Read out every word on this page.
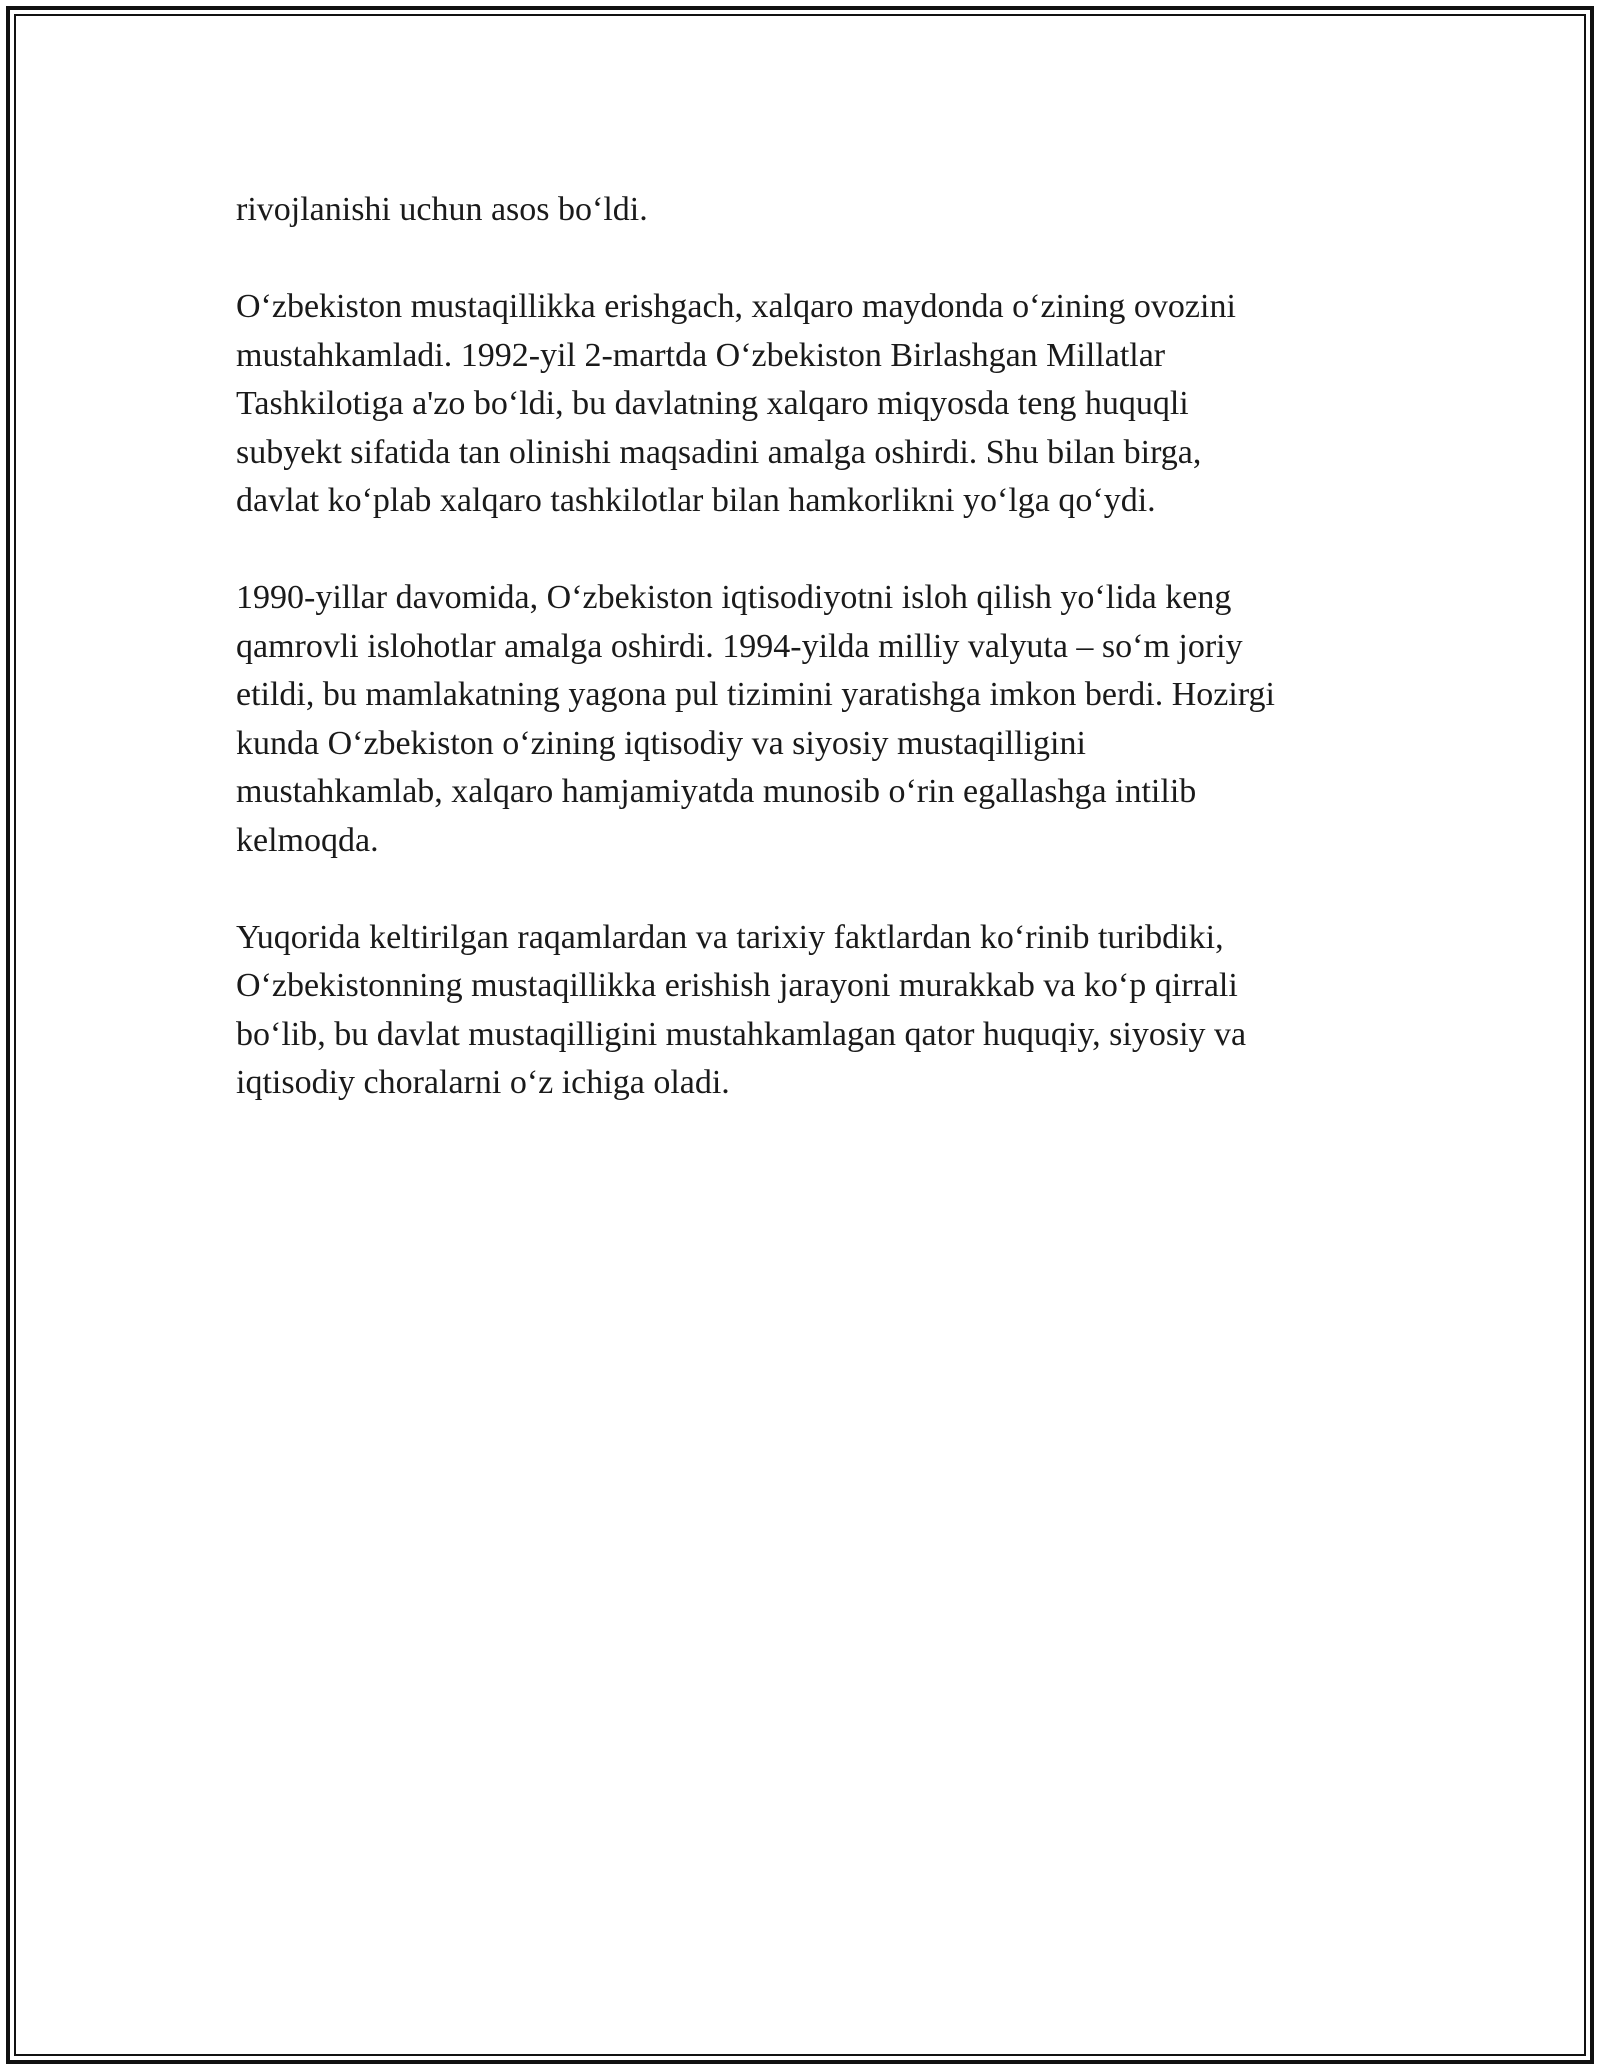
rivojlanishi uchun asos bo‘ldi.

O‘zbekiston mustaqillikka erishgach, xalqaro maydonda o‘zining ovozini
mustahkamladi. 1992-yil 2-martda O‘zbekiston Birlashgan Millatlar
Tashkilotiga a'zo bo‘ldi, bu davlatning xalqaro miqyosda teng huquqli
subyekt sifatida tan olinishi maqsadini amalga oshirdi. Shu bilan birga,
davlat ko‘plab xalqaro tashkilotlar bilan hamkorlikni yo‘lga qo‘ydi.

1990-yillar davomida, O‘zbekiston iqtisodiyotni isloh qilish yo‘lida keng
qamrovli islohotlar amalga oshirdi. 1994-yilda milliy valyuta – so‘m joriy
etildi, bu mamlakatning yagona pul tizimini yaratishga imkon berdi. Hozirgi
kunda O‘zbekiston o‘zining iqtisodiy va siyosiy mustaqilligini
mustahkamlab, xalqaro hamjamiyatda munosib o‘rin egallashga intilib
kelmoqda.

Yuqorida keltirilgan raqamlardan va tarixiy faktlardan ko‘rinib turibdiki,
O‘zbekistonning mustaqillikka erishish jarayoni murakkab va ko‘p qirrali
bo‘lib, bu davlat mustaqilligini mustahkamlagan qator huquqiy, siyosiy va
iqtisodiy choralarni o‘z ichiga oladi.
